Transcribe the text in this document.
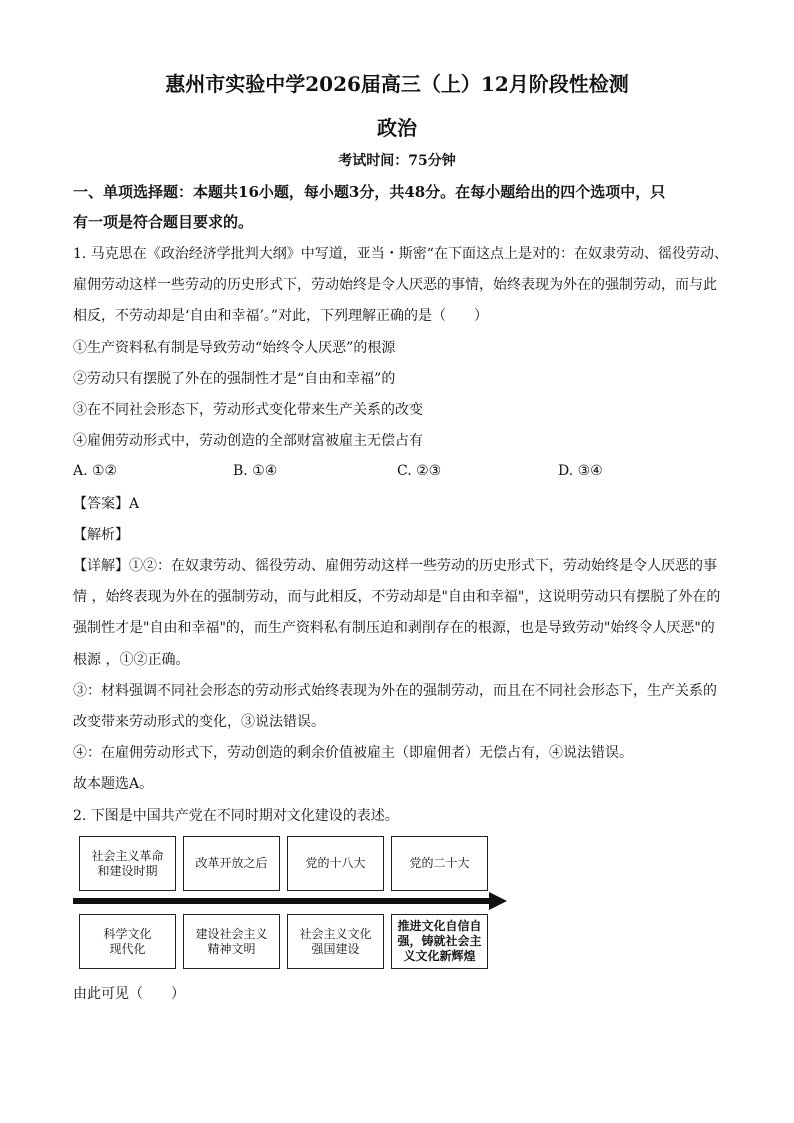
惠州市实验中学2026届高三（上）12月阶段性检测
政治
考试时间：75分钟
一、单项选择题：本题共16小题，每小题3分，共48分。在每小题给出的四个选项中，只
有一项是符合题目要求的。
1. 马克思在《政治经济学批判大纲》中写道，亚当・斯密“在下面这点上是对的：在奴隶劳动、徭役劳动、
雇佣劳动这样一些劳动的历史形式下，劳动始终是令人厌恶的事情，始终表现为外在的强制劳动，而与此
相反，不劳动却是‘自由和幸福’。”对此，下列理解正确的是（　　）
①生产资料私有制是导致劳动“始终令人厌恶”的根源
②劳动只有摆脱了外在的强制性才是“自由和幸福”的
③在不同社会形态下，劳动形式变化带来生产关系的改变
④雇佣劳动形式中，劳动创造的全部财富被雇主无偿占有
A. ①②	B. ①④	C. ②③	D. ③④
【答案】A
【解析】
【详解】①②：在奴隶劳动、徭役劳动、雇佣劳动这样一些劳动的历史形式下，劳动始终是令人厌恶的事
情 ，始终表现为外在的强制劳动，而与此相反，不劳动却是"自由和幸福"，这说明劳动只有摆脱了外在的
强制性才是"自由和幸福"的，而生产资料私有制压迫和剥削存在的根源，也是导致劳动"始终令人厌恶"的
根源 ，①②正确。
③：材料强调不同社会形态的劳动形式始终表现为外在的强制劳动，而且在不同社会形态下，生产关系的
改变带来劳动形式的变化，③说法错误。
④：在雇佣劳动形式下，劳动创造的剩余价值被雇主（即雇佣者）无偿占有，④说法错误。
故本题选A。
2. 下图是中国共产党在不同时期对文化建设的表述。
社会主义革命
和建设时期
改革开放之后	党的十八大	党的二十大
科学文化
现代化
建设社会主义
精神文明
社会主义文化
强国建设
推进文化自信自
强，铸就社会主
义文化新辉煌
由此可见（　　）
